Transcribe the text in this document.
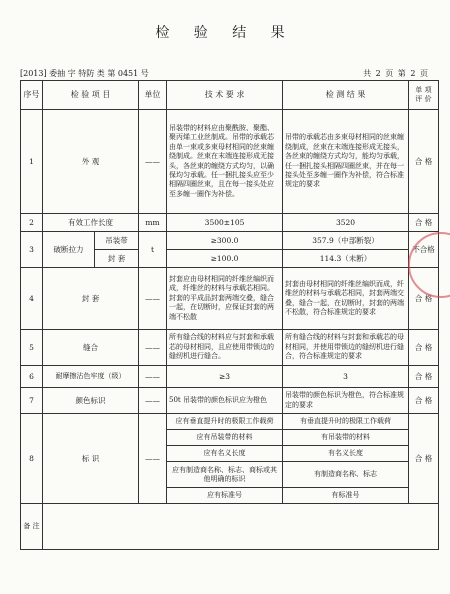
检 验 结 果
[2013] 委抽 字 特防 类 第 0451 号	共 2 页 第 2 页
序号	检 验 项 目		单位	技 术 要 求	检 测 结 果	单 项 评 价
1	外 观		——	吊装带的材料应由聚酰胺、聚酯、聚丙烯工业丝制成。吊带的承载芯由单一束或多束母材相同的丝束缠绕制成。丝束在末端连接形成无接头，各丝束的缠绕方式均匀，以确保均匀承载。任一捆扎接头应至少相隔四圈丝束，且在每一接头处应至多缠一圈作为补偿。	吊带的承载芯由多束母材相同的丝束缠绕制成，丝束在末端连接形成无接头，各丝束的缠绕方式均匀，能均匀承载，任一捆扎接头相隔四圈丝束，并在每一接头处至多缠一圈作为补偿，符合标准规定的要求	合 格
2	有效工作长度		mm	3500±105	3520	合 格
3	破断拉力	吊装带	t	≥300.0	357.9（中部断裂）	不合格
		封 套		≥100.0	114.3（未断）	
4	封 套		——	封套应由母材相同的纤维丝编织而成，纤维丝的材料与承载芯相同。封套的平成品封套两端交叠，缝合一起，在切断时，应保证封套的两端不松散	封套由母材相同的纤维丝编织而成，纤维丝的材料与承载芯相同，封套两端交叠，缝合一起，在切断时，封套的两端不松散，符合标准规定的要求	合 格
5	缝合		——	所有缝合线的材料应与封套和承载芯的母材相同，且应使用带锁边的缝纫机进行缝合。	所有缝合线的材料与封套和承载芯的母材相同，并使用带锁边的缝纫机进行缝合，符合标准规定的要求	合 格
6	耐摩擦沾色牢度（级）		——	≥3	3	合 格
7	颜色标识		——	50t 吊装带的颜色标识应为橙色	吊装带的颜色标识为橙色，符合标准规定的要求	合 格
8	标 识		——	应有垂直提升时的极限工作载荷	有垂直提升时的极限工作载荷	合 格
				应有吊装带的材料	有吊装带的材料	
				应有名义长度	有名义长度	
				应有制造商名称、标志、商标或其他明确的标识	有制造商名称、标志	
				应有标准号	有标准号	
备 注						
